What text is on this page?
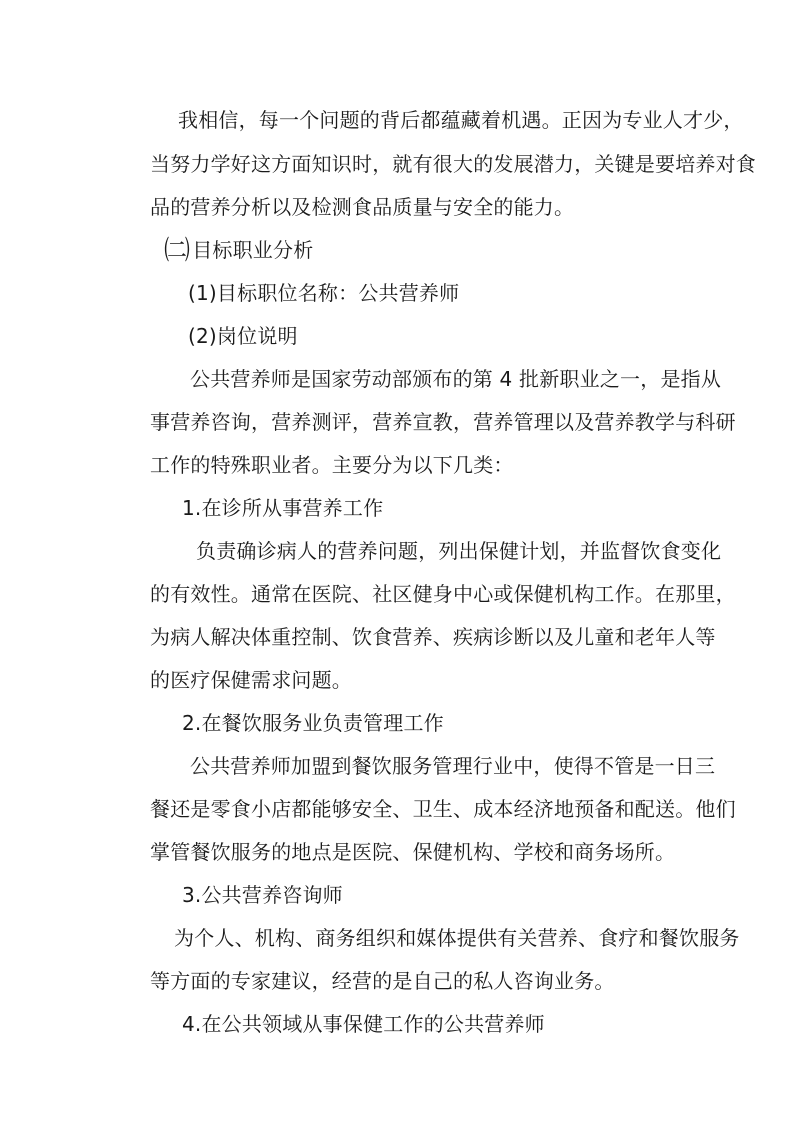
我相信，每一个问题的背后都蕴藏着机遇。正因为专业人才少，
当努力学好这方面知识时，就有很大的发展潜力，关键是要培养对食
品的营养分析以及检测食品质量与安全的能力。
㈡ 目标职业分析
(1)目标职位名称：公共营养师
(2)岗位说明
公共营养师是国家劳动部颁布的第 4 批新职业之一，是指从
事营养咨询，营养测评，营养宣教，营养管理以及营养教学与科研
工作的特殊职业者。主要分为以下几类：
1.在诊所从事营养工作
负责确诊病人的营养问题，列出保健计划，并监督饮食变化
的有效性。通常在医院、社区健身中心或保健机构工作。在那里，
为病人解决体重控制、饮食营养、疾病诊断以及儿童和老年人等
的医疗保健需求问题。
2.在餐饮服务业负责管理工作
公共营养师加盟到餐饮服务管理行业中，使得不管是一日三
餐还是零食小店都能够安全、卫生、成本经济地预备和配送。他们
掌管餐饮服务的地点是医院、保健机构、学校和商务场所。
3.公共营养咨询师
为个人、机构、商务组织和媒体提供有关营养、食疗和餐饮服务
等方面的专家建议，经营的是自己的私人咨询业务。
4.在公共领域从事保健工作的公共营养师
